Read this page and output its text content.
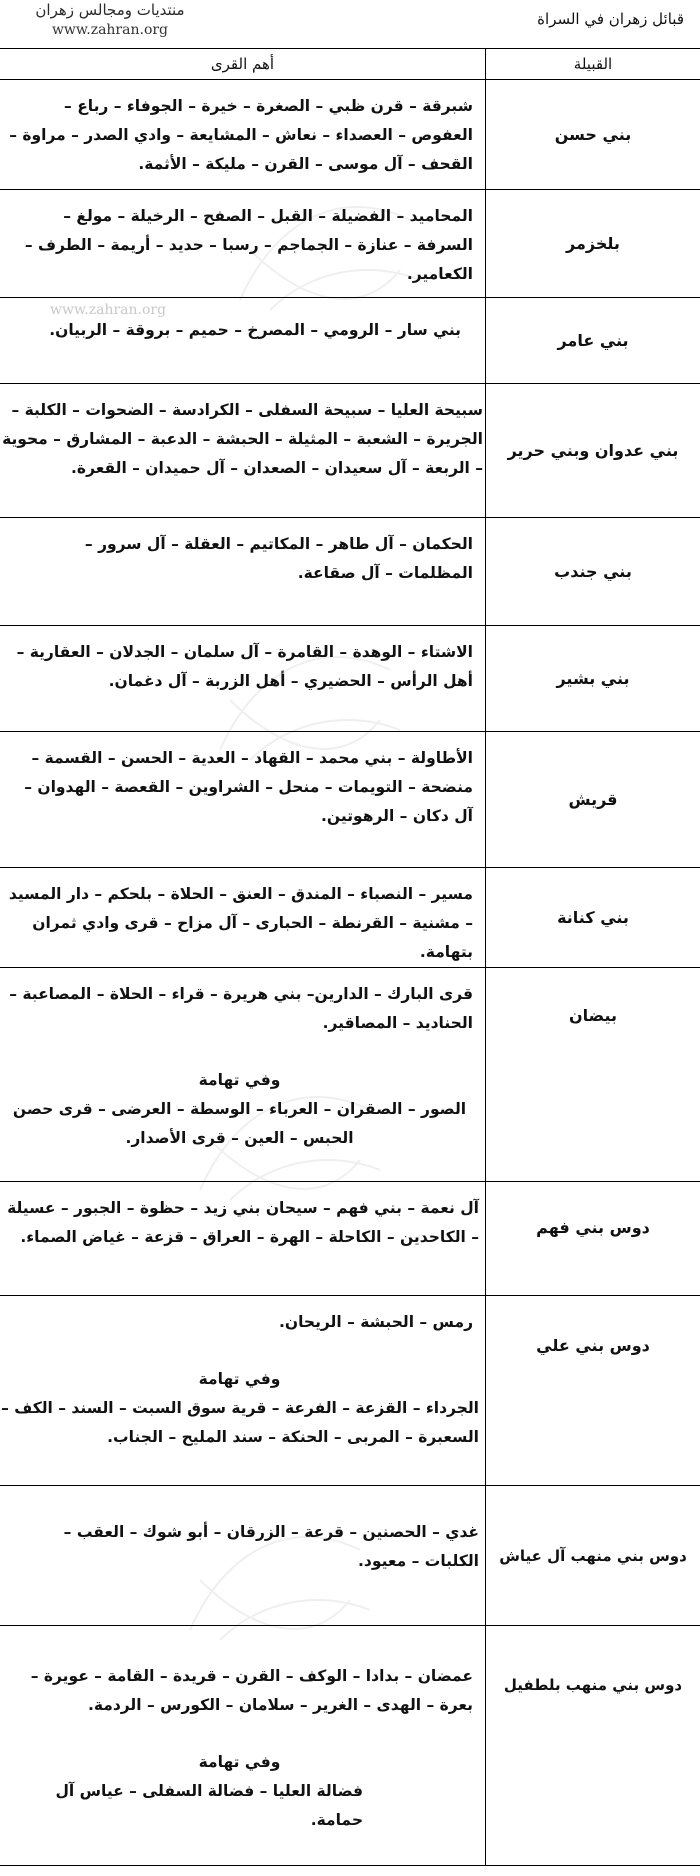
منتديات ومجالس زهران
www.zahran.org
قبائل زهران في السراة
القبيلة	أهم القرى
بني حسن	شبرقة – قرن ظبي – الصغرة – خيرة – الجوفاء – رباع – العفوص – العصداء – نعاش – المشايعة – وادي الصدر – مراوة – القحف – آل موسى – القرن – مليكة – الأثمة.

بلخزمر	المحاميد – الفضيلة – القبل – الصفح – الرخيلة – مولغ – السرفة – عنازة – الجماجم – رسبا – حديد – أريمة – الطرف – الكعامير.

بني عامر	بني سار – الرومي – المصرخ – حميم – بروقة – الربيان.

بني عدوان وبني حرير	سبيحة العليا – سبيحة السفلى – الكرادسة – الضحوات – الكلبة – الجريرة – الشعبة – المثيلة – الحبشة – الدعبة – المشارق – محوية – الربعة – آل سعيدان – الصعدان – آل حميدان – القعرة.

بني جندب	الحكمان – آل طاهر – المكاتيم – العقلة – آل سرور – المظلمات – آل صقاعة.

بني بشير	الاشتاء – الوهدة – القامرة – آل سلمان – الجدلان – العقارية – أهل الرأس – الحضيري – أهل الزربة – آل دغمان.

قريش	الأطاولة – بني محمد – القهاد – العدية – الحسن – القسمة – منضحة – التويمات – منحل – الشراوين – القعصة – الهدوان – آل دكان – الرهوتين.

بني كنانة	مسير – النصباء – المندق – العنق – الحلاة – بلحكم – دار المسيد – مشنية – القرنطة – الحبارى – آل مزاح – قرى وادي ثمران بتهامة.

بيضان	قرى البارك – الدارين– بني هريرة – قراء – الحلاة – المصاعبة – الحناديد – المصاقير.

وفي تهامة

الصور – الصقران – العرباء – الوسطة – العرضى – قرى حصن الحبس – العين – قرى الأصدار.

دوس بني فهم	آل نعمة – بني فهم – سيحان بني زيد – حظوة – الجبور – عسيلة – الكاحدين – الكاحلة – الهرة – العراق – قزعة – غياض الصماء.

دوس بني علي	رمس – الحبشة – الريحان.

وفي تهامة

الجرداء – القزعة – الفرعة – قرية سوق السبت – السند – الكف – السعبرة – المربى – الحنكة – سند المليح – الجناب.

دوس بني منهب آل عياش	غدي – الحصنين – قرعة – الزرقان – أبو شوك – العقب – الكلبات – معيود.

دوس بني منهب بلطفيل	عمضان – بدادا – الوكف – القرن – قريدة – القامة – عويرة – بعرة – الهدى – الغرير – سلامان – الكورس – الردمة.

وفي تهامة

فضالة العليا – فضالة السفلى – عياس آل حمامة.

www.zahran.org
